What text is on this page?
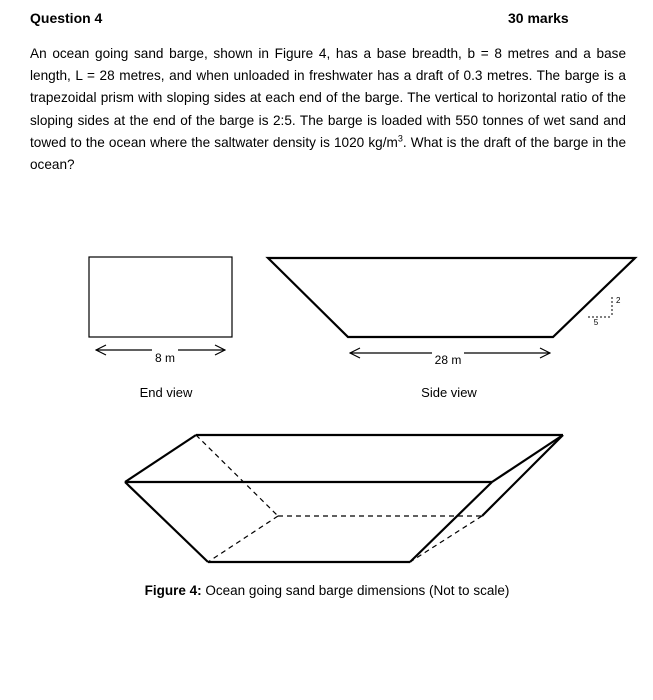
Question 4	30 marks
An ocean going sand barge, shown in Figure 4, has a base breadth, b = 8 metres and a base length, L = 28 metres, and when unloaded in freshwater has a draft of 0.3 metres. The barge is a trapezoidal prism with sloping sides at each end of the barge. The vertical to horizontal ratio of the sloping sides at the end of the barge is 2:5. The barge is loaded with 550 tonnes of wet sand and towed to the ocean where the saltwater density is 1020 $kg/m^3$. What is the draft of the barge in the ocean?
8 m
End view
2
5
28 m
Side view
Figure 4: Ocean going sand barge dimensions (Not to scale)
